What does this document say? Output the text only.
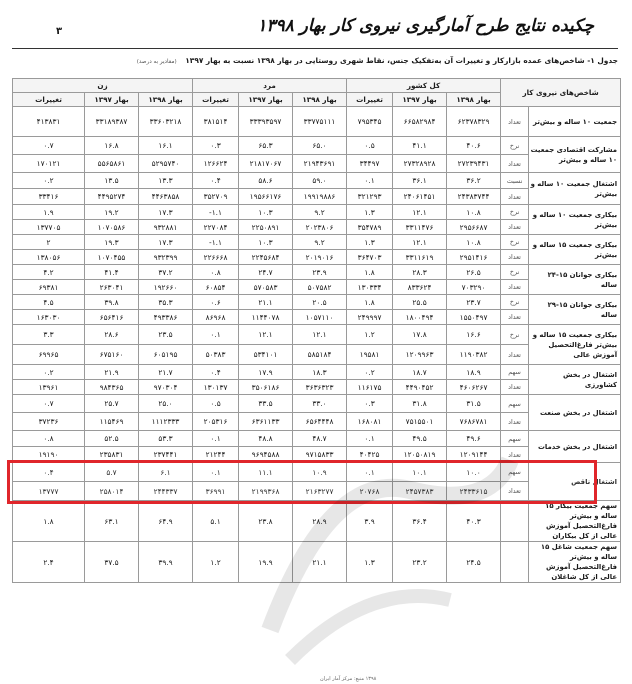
چکیده نتایج طرح آمارگیری نیروی کار بهار ۱۳۹۸
۳
جدول ۱- شاخص‌های عمده بازارکار و تغییرات آن به‌تفکیک جنس، نقاط شهری روستایی در بهار ۱۳۹۸ نسبت به بهار ۱۳۹۷ (مقادیر به درصد)
شاخص‌های نیروی کار		کل کشور			مرد			زن		
		بهار ۱۳۹۸	بهار ۱۳۹۷	تغییرات	بهار ۱۳۹۸	بهار ۱۳۹۷	تغییرات	بهار ۱۳۹۸	بهار ۱۳۹۷	تغییرات
جمعیت ۱۰ ساله و بیش‌تر	تعداد	۶۲۳۷۸۳۲۹	۶۶۵۸۲۹۸۴	۷۹۵۳۴۵	۳۳۷۷۵۱۱۱	۳۳۳۹۳۵۹۷	۳۸۱۵۱۴	۳۳۶۰۳۲۱۸	۳۳۱۸۹۳۸۷	۴۱۳۸۳۱
مشارکت اقتصادی جمعیت ۱۰ ساله و بیش‌تر	نرخ	۴۰.۶	۴۱.۱	۰.۵	۶۵.۰	۶۵.۳	۰.۳	۱۶.۱	۱۶.۸	۰.۷
	تعداد	۲۷۲۳۹۴۳۱	۲۷۳۲۸۹۲۸	۳۴۴۹۷	۲۱۹۴۳۶۹۱	۲۱۸۱۷۰۶۷	۱۲۶۶۲۴	۵۲۹۵۷۴۰	۵۵۶۵۸۶۱	۱۷۰۱۲۱
اشتغال جمعیت ۱۰ ساله و بیش‌تر	نسبت	۳۶.۲	۳۶.۱	۰.۱	۵۹.۰	۵۸.۶	۰.۴	۱۳.۳	۱۳.۵	۰.۲
	تعداد	۲۴۳۸۳۷۴۴	۲۴۰۶۱۴۵۱	۳۲۱۲۹۳	۱۹۹۱۹۸۸۶	۱۹۵۶۶۱۷۶	۳۵۲۷۰۹	۴۴۶۳۸۵۸	۴۴۹۵۲۷۴	۳۳۴۱۶
بیکاری جمعیت ۱۰ ساله و بیش‌تر	نرخ	۱۰.۸	۱۲.۱	۱.۳	۹.۲	۱۰.۳	۱.۱-	۱۷.۳	۱۹.۲	۱.۹
	تعداد	۲۹۵۶۶۸۷	۳۳۱۱۴۷۶	۳۵۴۷۸۹	۲۰۲۳۸۰۶	۲۲۵۰۸۹۱	۲۲۷۰۸۴	۹۳۲۸۸۱	۱۰۷۰۵۸۶	۱۳۷۷۰۵
بیکاری جمعیت ۱۵ ساله و بیش‌تر	نرخ	۱۰.۸	۱۲.۱	۱.۳	۹.۲	۱۰.۳	۱.۱-	۱۷.۳	۱۹.۳	۲
	تعداد	۲۹۵۱۴۱۶	۳۳۱۱۶۱۹	۳۶۴۷۰۳	۲۰۱۹۰۱۶	۲۲۴۵۶۸۴	۲۲۶۶۶۸	۹۳۲۳۹۹	۱۰۷۰۴۵۵	۱۳۸۰۵۶
بیکاری جوانان ۱۵-۲۴ ساله	نرخ	۲۶.۵	۲۸.۳	۱.۸	۲۳.۹	۲۴.۷	۰.۸	۳۷.۲	۴۱.۴	۴.۲
	تعداد	۷۰۳۲۹۰	۸۳۳۶۲۴	۱۳۰۳۳۴	۵۰۷۵۸۲	۵۷۰۵۸۳	۶۰۸۵۴	۱۹۲۶۶۰	۲۶۳۰۴۱	۶۹۳۸۱
بیکاری جوانان ۱۵-۲۹ ساله	نرخ	۲۳.۷	۲۵.۵	۱.۸	۲۰.۵	۲۱.۱	۰.۶	۳۵.۳	۳۹.۸	۴.۵
	تعداد	۱۵۵۰۴۹۷	۱۸۰۰۴۹۴	۲۴۹۹۹۷	۱۰۵۷۱۱۰	۱۱۴۴۰۷۸	۸۶۹۶۸	۴۹۳۳۸۶	۶۵۶۴۱۶	۱۶۳۰۳۰
بیکاری جمعیت ۱۵ ساله و بیش‌تر فارغ‌التحصیل آموزش عالی	نرخ	۱۶.۶	۱۷.۸	۱.۲	۱۲.۱	۱۲.۱	۰.۱	۲۳.۵	۲۸.۶	۳.۳
	تعداد	۱۱۹۰۳۸۲	۱۲۰۹۹۶۳	۱۹۵۸۱	۵۸۵۱۸۴	۵۳۴۱۰۱	۵۰۳۸۳	۶۰۵۱۹۵	۶۷۵۱۶۰	۶۹۹۶۵
اشتغال در بخش کشاورزی	سهم	۱۸.۹	۱۸.۷	۰.۲	۱۸.۳	۱۷.۹	۰.۴	۲۱.۷	۲۱.۹	۰.۲
	تعداد	۴۶۰۶۲۶۷	۴۴۹۰۴۵۲	۱۱۶۱۷۵	۳۶۳۶۳۲۳	۳۵۰۶۱۸۶	۱۳۰۱۳۷	۹۷۰۳۰۴	۹۸۴۳۶۵	۱۳۹۶۱
اشتغال در بخش صنعت	سهم	۳۱.۵	۳۱.۸	۰.۳	۳۳.۰	۳۳.۵	۰.۵	۲۵.۰	۲۵.۷	۰.۷
	تعداد	۷۶۸۶۷۸۱	۷۵۱۵۵۰۱	۱۶۸۰۸۱	۶۵۶۴۴۴۸	۶۳۶۱۱۳۳	۲۰۵۳۱۶	۱۱۱۲۳۳۳	۱۱۵۴۶۹	۳۷۲۳۶
اشتغال در بخش خدمات	سهم	۴۹.۶	۴۹.۵	۰.۱	۴۸.۷	۴۸.۸	۰.۱	۵۳.۳	۵۲.۵	۰.۸
	تعداد	۱۲۰۹۱۴۴	۱۲۰۵۰۸۱۹	۴۰۴۲۵	۹۷۱۵۸۳۳	۹۶۹۴۵۸۸	۲۱۲۴۴	۲۳۷۴۴۱	۲۳۵۸۳۱	۱۹۱۹۰
اشتغال ناقص	سهم	۱۰.۰	۱۰.۱	۰.۱	۱۰.۹	۱۱.۱	۰.۱	۶.۱	۵.۷	۰.۴
	تعداد	۲۴۳۳۶۱۵	۲۴۵۷۳۸۳	۲۰۷۶۸	۲۱۶۳۲۷۷	۲۱۹۹۳۶۸	۳۶۹۹۱	۲۴۴۳۳۷	۲۵۸۰۱۴	۱۳۷۷۷
سهم جمعیت بیکار ۱۵ ساله و بیش‌تر فارغ‌التحصیل آموزش عالی از کل بیکاران		۴۰.۳	۳۶.۴	۳.۹	۲۸.۹	۲۳.۸	۵.۱	۶۴.۹	۶۳.۱	۱.۸
سهم جمعیت شاغل ۱۵ ساله و بیش‌تر فارغ‌التحصیل آموزش عالی از کل شاغلان		۲۴.۵	۲۳.۲	۱.۳	۲۱.۱	۱۹.۹	۱.۲	۳۹.۹	۳۷.۵	۲.۴
۱۳۹۸ منبع: مرکز آمار ایران
